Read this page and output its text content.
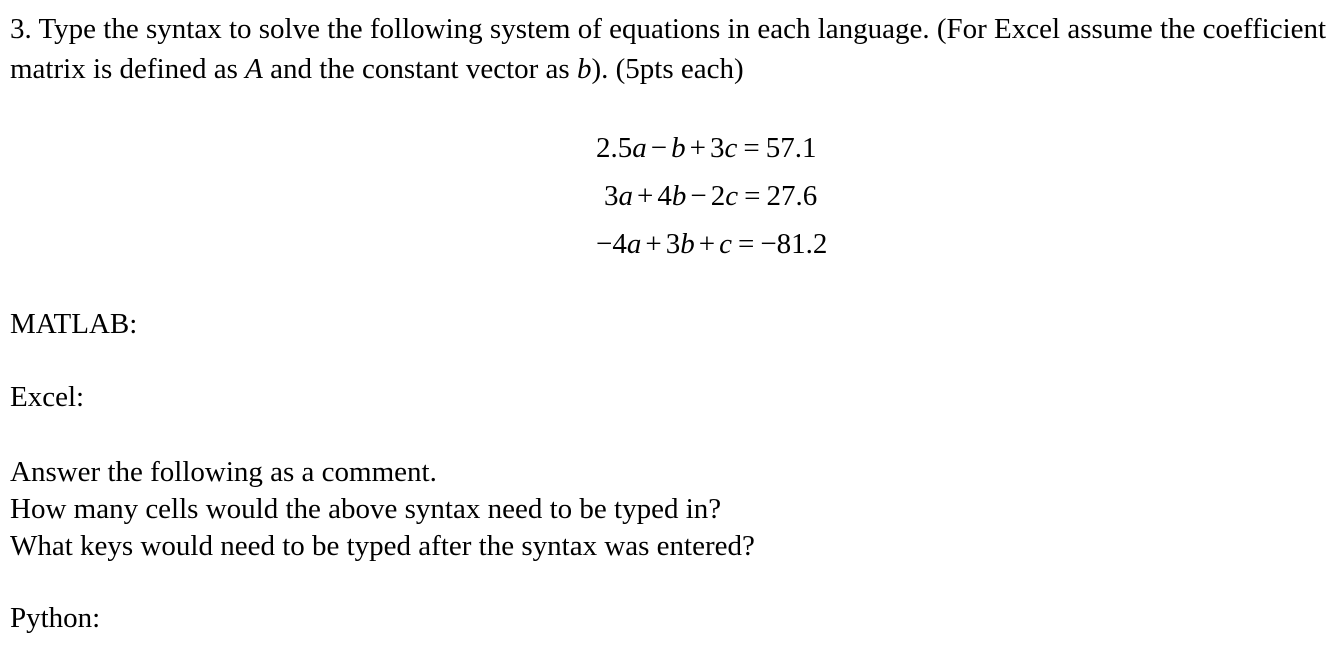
3. Type the syntax to solve the following system of equations in each language. (For Excel assume the coefficient matrix is defined as A and the constant vector as b). (5pts each)

2.5a − b + 3c = 57.1
3a + 4b − 2c = 27.6
−4a + 3b + c = −81.2

MATLAB:

Excel:

Answer the following as a comment.

How many cells would the above syntax need to be typed in?

What keys would need to be typed after the syntax was entered?

Python:
